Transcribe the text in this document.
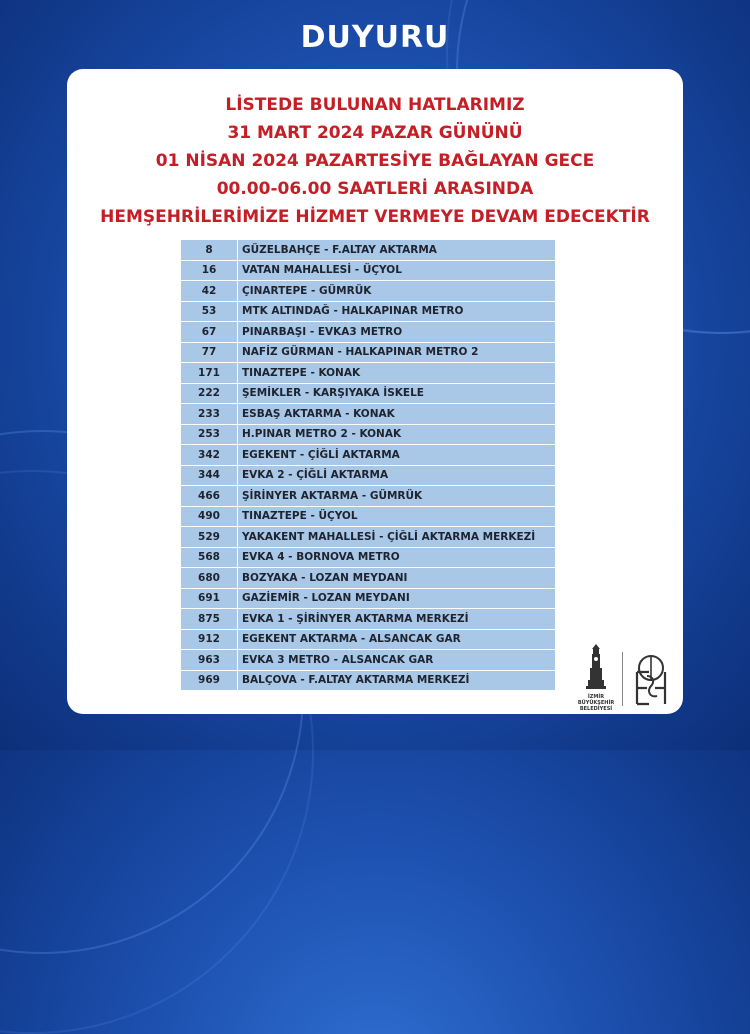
DUYURU
LİSTEDE BULUNAN HATLARIMIZ
31 MART 2024 PAZAR GÜNÜNÜ
01 NİSAN 2024 PAZARTESİYE BAĞLAYAN GECE
00.00-06.00 SAATLERİ ARASINDA
HEMŞEHRİLERİMİZE HİZMET VERMEYE DEVAM EDECEKTİR
8	GÜZELBAHÇE - F.ALTAY AKTARMA
16	VATAN MAHALLESİ - ÜÇYOL
42	ÇINARTEPE - GÜMRÜK
53	MTK ALTINDAĞ - HALKAPINAR METRO
67	PINARBAŞI - EVKA3 METRO
77	NAFİZ GÜRMAN - HALKAPINAR METRO 2
171	TINAZTEPE - KONAK
222	ŞEMİKLER - KARŞIYAKA İSKELE
233	ESBAŞ AKTARMA - KONAK
253	H.PINAR METRO 2 - KONAK
342	EGEKENT - ÇİĞLİ AKTARMA
344	EVKA 2 - ÇİĞLİ AKTARMA
466	ŞİRİNYER AKTARMA - GÜMRÜK
490	TINAZTEPE - ÜÇYOL
529	YAKAKENT MAHALLESİ - ÇİĞLİ AKTARMA MERKEZİ
568	EVKA 4 - BORNOVA METRO
680	BOZYAKA - LOZAN MEYDANI
691	GAZİEMİR - LOZAN MEYDANI
875	EVKA 1 - ŞİRİNYER AKTARMA MERKEZİ
912	EGEKENT AKTARMA - ALSANCAK GAR
963	EVKA 3 METRO - ALSANCAK GAR
969	BALÇOVA - F.ALTAY AKTARMA MERKEZİ
İZMİR
BÜYÜKŞEHİR
BELEDİYESİ
